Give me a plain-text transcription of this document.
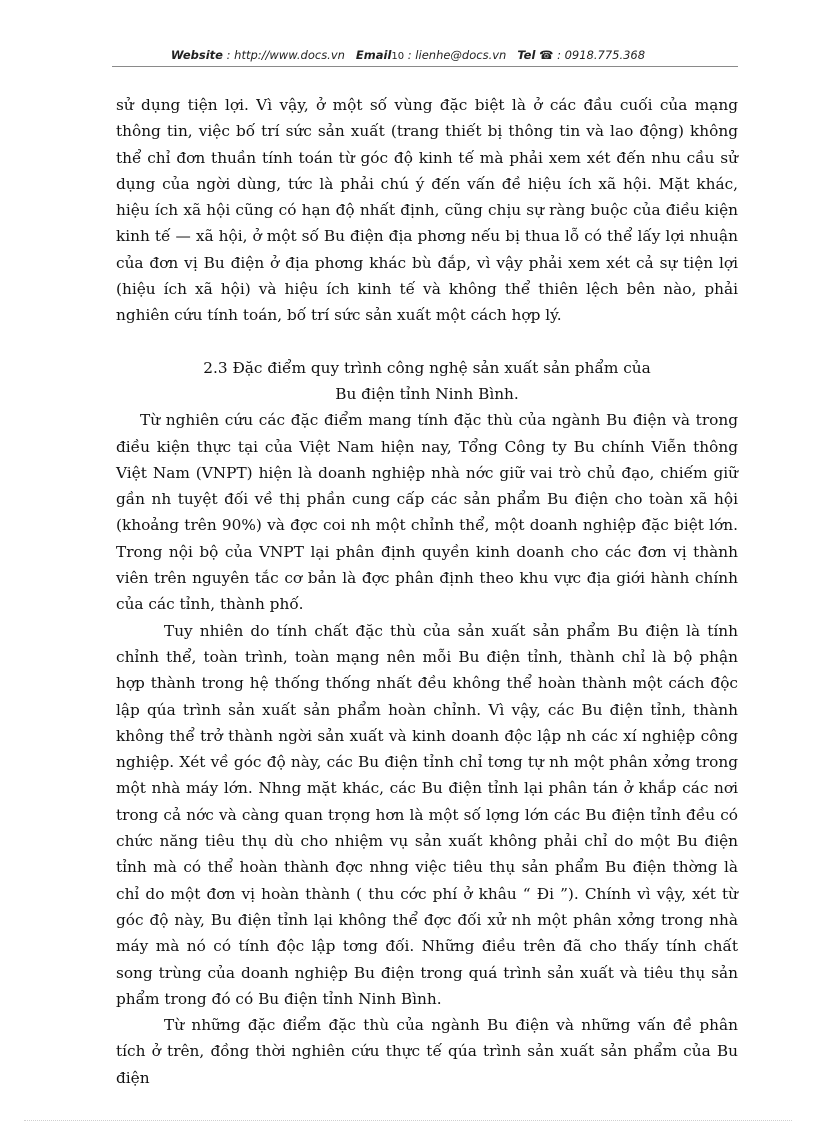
Website : http://www.docs.vn Email10 : lienhe@docs.vn Tel ☎ : 0918.775.368

sử dụng tiện lợi. Vì vậy, ở một số vùng đặc biệt là ở các đầu cuối của mạng thông tin, việc bố trí sức sản xuất (trang thiết bị thông tin và lao động) không thể chỉ đơn thuần tính toán từ góc độ kinh tế mà phải xem xét đến nhu cầu sử dụng của ngời dùng, tức là phải chú ý đến vấn đề hiệu ích xã hội. Mặt khác, hiệu ích xã hội cũng có hạn độ nhất định, cũng chịu sự ràng buộc của điều kiện kinh tế — xã hội, ở một số Bu điện địa phơng nếu bị thua lỗ có thể lấy lợi nhuận của đơn vị Bu điện ở địa phơng khác bù đắp, vì vậy phải xem xét cả sự tiện lợi (hiệu ích xã hội) và hiệu ích kinh tế và không thể thiên lệch bên nào, phải nghiên cứu tính toán, bố trí sức sản xuất một cách hợp lý.

2.3 Đặc điểm quy trình công nghệ sản xuất sản phẩm của
Bu điện tỉnh Ninh Bình.

Từ nghiên cứu các đặc điểm mang tính đặc thù của ngành Bu điện và trong điều kiện thực tại của Việt Nam hiện nay, Tổng Công ty Bu chính Viễn thông Việt Nam (VNPT) hiện là doanh nghiệp nhà nớc giữ vai trò chủ đạo, chiếm giữ gần nh tuyệt đối về thị phần cung cấp các sản phẩm Bu điện cho toàn xã hội (khoảng trên 90%) và đợc coi nh một chỉnh thể, một doanh nghiệp đặc biệt lớn. Trong nội bộ của VNPT lại phân định quyền kinh doanh cho các đơn vị thành viên trên nguyên tắc cơ bản là đợc phân định theo khu vực địa giới hành chính của các tỉnh, thành phố.

Tuy nhiên do tính chất đặc thù của sản xuất sản phẩm Bu điện là tính chỉnh thể, toàn trình, toàn mạng nên mỗi Bu điện tỉnh, thành chỉ là bộ phận hợp thành trong hệ thống thống nhất đều không thể hoàn thành một cách độc lập qúa trình sản xuất sản phẩm hoàn chỉnh. Vì vậy, các Bu điện tỉnh, thành không thể trở thành ngời sản xuất và kinh doanh độc lập nh các xí nghiệp công nghiệp. Xét về góc độ này, các Bu điện tỉnh chỉ tơng tự nh một phân xởng trong một nhà máy lớn. Nhng mặt khác, các Bu điện tỉnh lại phân tán ở khắp các nơi trong cả nớc và càng quan trọng hơn là một số lợng lớn các Bu điện tỉnh đều có chức năng tiêu thụ dù cho nhiệm vụ sản xuất không phải chỉ do một Bu điện tỉnh mà có thể hoàn thành đợc nhng việc tiêu thụ sản phẩm Bu điện thờng là chỉ do một đơn vị hoàn thành ( thu cớc phí ở khâu “ Đi ”). Chính vì vậy, xét từ góc độ này, Bu điện tỉnh lại không thể đợc đối xử nh một phân xởng trong nhà máy mà nó có tính độc lập tơng đối. Những điều trên đã cho thấy tính chất song trùng của doanh nghiệp Bu điện trong quá trình sản xuất và tiêu thụ sản phẩm trong đó có Bu điện tỉnh Ninh Bình.

Từ những đặc điểm đặc thù của ngành Bu điện và những vấn đề phân tích ở trên, đồng thời nghiên cứu thực tế qúa trình sản xuất sản phẩm của Bu điện
